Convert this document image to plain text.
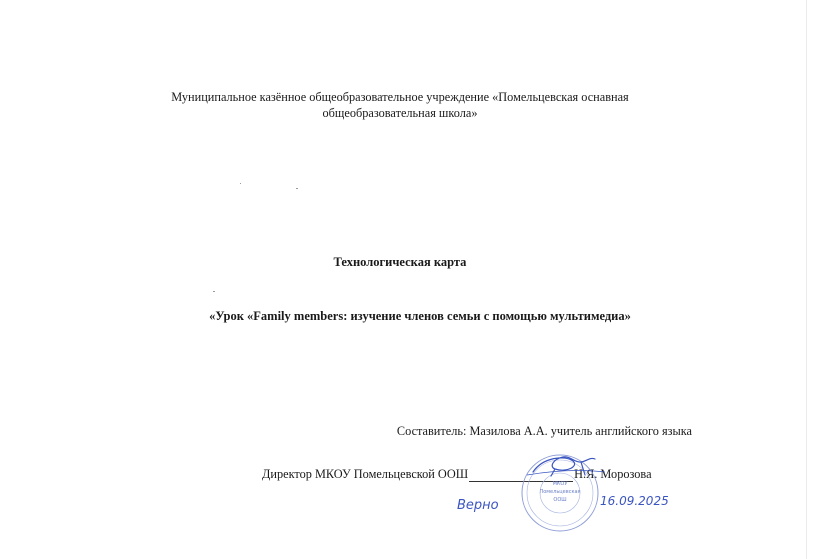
Муниципальное казённое общеобразовательное учреждение «Помельцевская оснавная общеобразовательная школа»
Технологическая карта
«Урок «Family members: изучение членов семьи с помощью мультимедиа»
Составитель: Мазилова А.А. учитель английского языка
Директор МКОУ Помельцевской ООШ	Н.Я. Морозова
МКОУ
Помельцевская
ООШ
Верно	16.09.2025
